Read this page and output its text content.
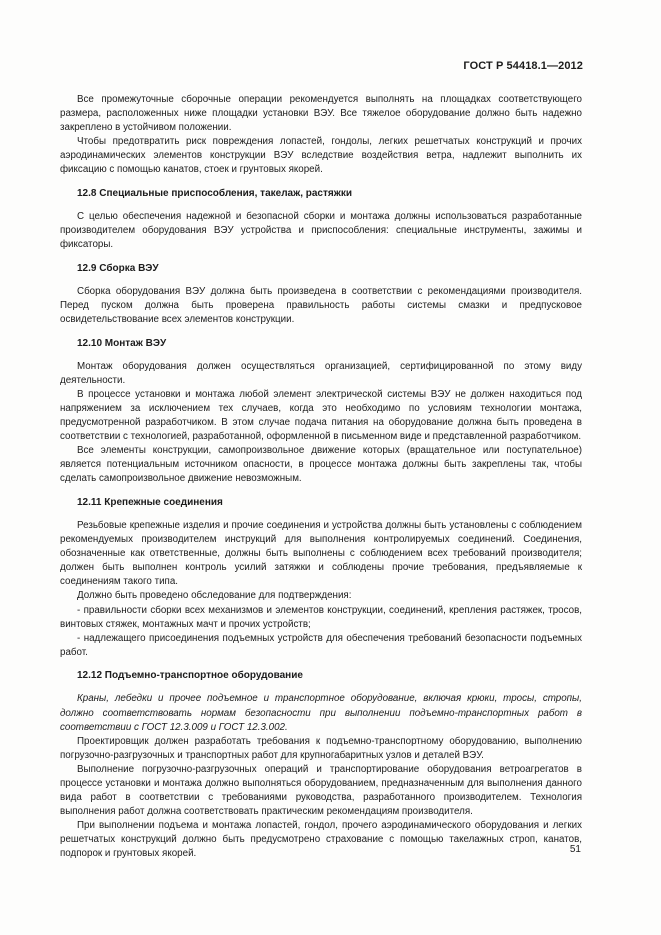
ГОСТ Р 54418.1—2012

Все промежуточные сборочные операции рекомендуется выполнять на площадках соответствующего размера, расположенных ниже площадки установки ВЭУ. Все тяжелое оборудование должно быть надежно закреплено в устойчивом положении.

Чтобы предотвратить риск повреждения лопастей, гондолы, легких решетчатых конструкций и прочих аэродинамических элементов конструкции ВЭУ вследствие воздействия ветра, надлежит выполнить их фиксацию с помощью канатов, стоек и грунтовых якорей.

12.8 Специальные приспособления, такелаж, растяжки

С целью обеспечения надежной и безопасной сборки и монтажа должны использоваться разработанные производителем оборудования ВЭУ устройства и приспособления: специальные инструменты, зажимы и фиксаторы.

12.9 Сборка ВЭУ

Сборка оборудования ВЭУ должна быть произведена в соответствии с рекомендациями производителя. Перед пуском должна быть проверена правильность работы системы смазки и предпусковое освидетельствование всех элементов конструкции.

12.10 Монтаж ВЭУ

Монтаж оборудования должен осуществляться организацией, сертифицированной по этому виду деятельности.

В процессе установки и монтажа любой элемент электрической системы ВЭУ не должен находиться под напряжением за исключением тех случаев, когда это необходимо по условиям технологии монтажа, предусмотренной разработчиком. В этом случае подача питания на оборудование должна быть проведена в соответствии с технологией, разработанной, оформленной в письменном виде и представленной разработчиком.

Все элементы конструкции, самопроизвольное движение которых (вращательное или поступательное) является потенциальным источником опасности, в процессе монтажа должны быть закреплены так, чтобы сделать самопроизвольное движение невозможным.

12.11 Крепежные соединения

Резьбовые крепежные изделия и прочие соединения и устройства должны быть установлены с соблюдением рекомендуемых производителем инструкций для выполнения контролируемых соединений. Соединения, обозначенные как ответственные, должны быть выполнены с соблюдением всех требований производителя; должен быть выполнен контроль усилий затяжки и соблюдены прочие требования, предъявляемые к соединениям такого типа.

Должно быть проведено обследование для подтверждения:

- правильности сборки всех механизмов и элементов конструкции, соединений, крепления растяжек, тросов, винтовых стяжек, монтажных мачт и прочих устройств;

- надлежащего присоединения подъемных устройств для обеспечения требований безопасности подъемных работ.

12.12 Подъемно-транспортное оборудование

Краны, лебедки и прочее подъемное и транспортное оборудование, включая крюки, тросы, стропы, должно соответствовать нормам безопасности при выполнении подъемно-транспортных работ в соответствии с ГОСТ 12.3.009 и ГОСТ 12.3.002.

Проектировщик должен разработать требования к подъемно-транспортному оборудованию, выполнению погрузочно-разгрузочных и транспортных работ для крупногабаритных узлов и деталей ВЭУ.

Выполнение погрузочно-разгрузочных операций и транспортирование оборудования ветроагрегатов в процессе установки и монтажа должно выполняться оборудованием, предназначенным для выполнения данного вида работ в соответствии с требованиями руководства, разработанного производителем. Технология выполнения работ должна соответствовать практическим рекомендациям производителя.

При выполнении подъема и монтажа лопастей, гондол, прочего аэродинамического оборудования и легких решетчатых конструкций должно быть предусмотрено страхование с помощью такелажных строп, канатов, подпорок и грунтовых якорей.	51
